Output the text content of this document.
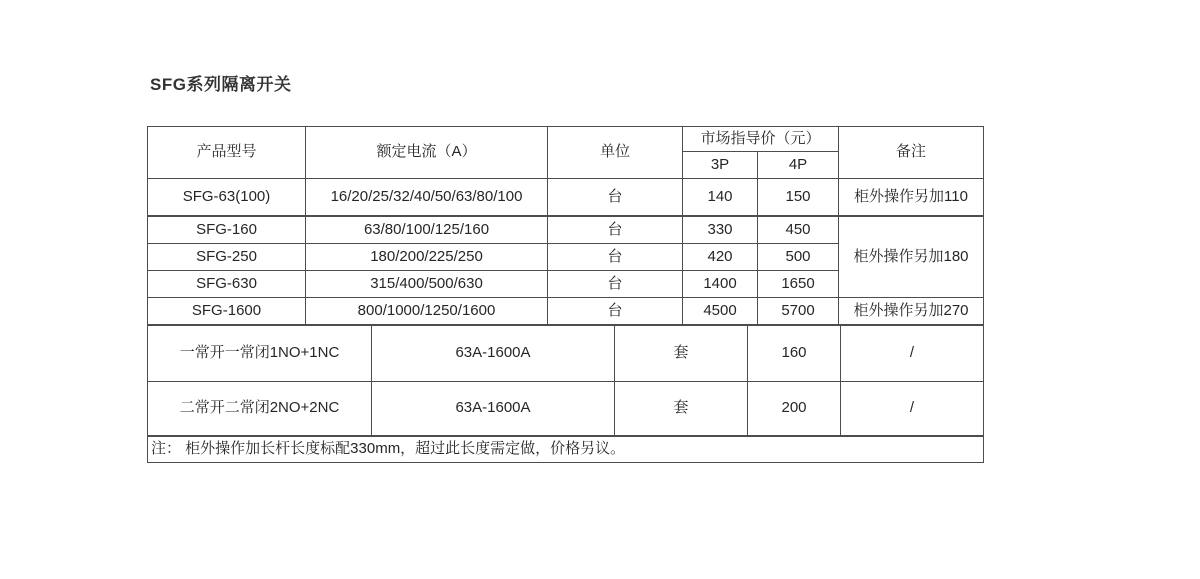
SFG系列隔离开关
产品型号	额定电流（A）	单位	市场指导价（元）		备注
			3P	4P	
SFG-63(100)	16/20/25/32/40/50/63/80/100	台	140	150	柜外操作另加110
SFG-160	63/80/100/125/160	台	330	450	柜外操作另加180
SFG-250	180/200/225/250	台	420	500	
SFG-630	315/400/500/630	台	1400	1650	
SFG-1600	800/1000/1250/1600	台	4500	5700	柜外操作另加270
一常开一常闭1NO+1NC	63A-1600A	套	160	/
二常开二常闭2NO+2NC	63A-1600A	套	200	/
注： 柜外操作加长杆长度标配330mm，超过此长度需定做，价格另议。
